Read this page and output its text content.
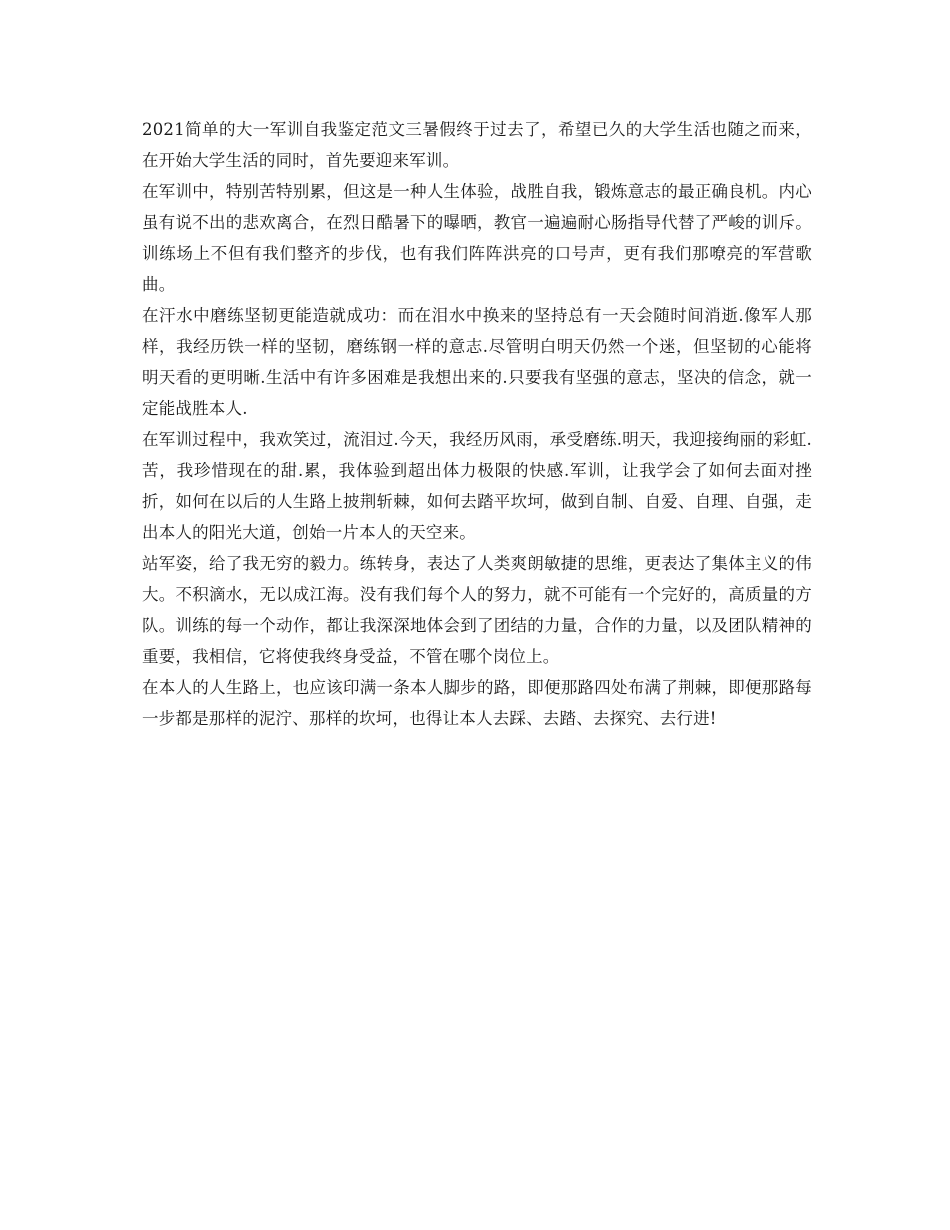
2021简单的大一军训自我鉴定范文三暑假终于过去了，希望已久的大学生活也随之而来，在开始大学生活的同时，首先要迎来军训。

在军训中，特别苦特别累，但这是一种人生体验，战胜自我，锻炼意志的最正确良机。内心虽有说不出的悲欢离合，在烈日酷暑下的曝晒，教官一遍遍耐心肠指导代替了严峻的训斥。训练场上不但有我们整齐的步伐，也有我们阵阵洪亮的口号声，更有我们那嘹亮的军营歌曲。

在汗水中磨练坚韧更能造就成功：而在泪水中换来的坚持总有一天会随时间消逝.像军人那样，我经历铁一样的坚韧，磨练钢一样的意志.尽管明白明天仍然一个迷，但坚韧的心能将明天看的更明晰.生活中有许多困难是我想出来的.只要我有坚强的意志，坚决的信念，就一定能战胜本人.

在军训过程中，我欢笑过，流泪过.今天，我经历风雨，承受磨练.明天，我迎接绚丽的彩虹.苦，我珍惜现在的甜.累，我体验到超出体力极限的快感.军训，让我学会了如何去面对挫折，如何在以后的人生路上披荆斩棘，如何去踏平坎坷，做到自制、自爱、自理、自强，走出本人的阳光大道，创始一片本人的天空来。

站军姿，给了我无穷的毅力。练转身，表达了人类爽朗敏捷的思维，更表达了集体主义的伟大。不积滴水，无以成江海。没有我们每个人的努力，就不可能有一个完好的，高质量的方队。训练的每一个动作，都让我深深地体会到了团结的力量，合作的力量，以及团队精神的重要，我相信，它将使我终身受益，不管在哪个岗位上。

在本人的人生路上，也应该印满一条本人脚步的路，即便那路四处布满了荆棘，即便那路每一步都是那样的泥泞、那样的坎坷，也得让本人去踩、去踏、去探究、去行进!
